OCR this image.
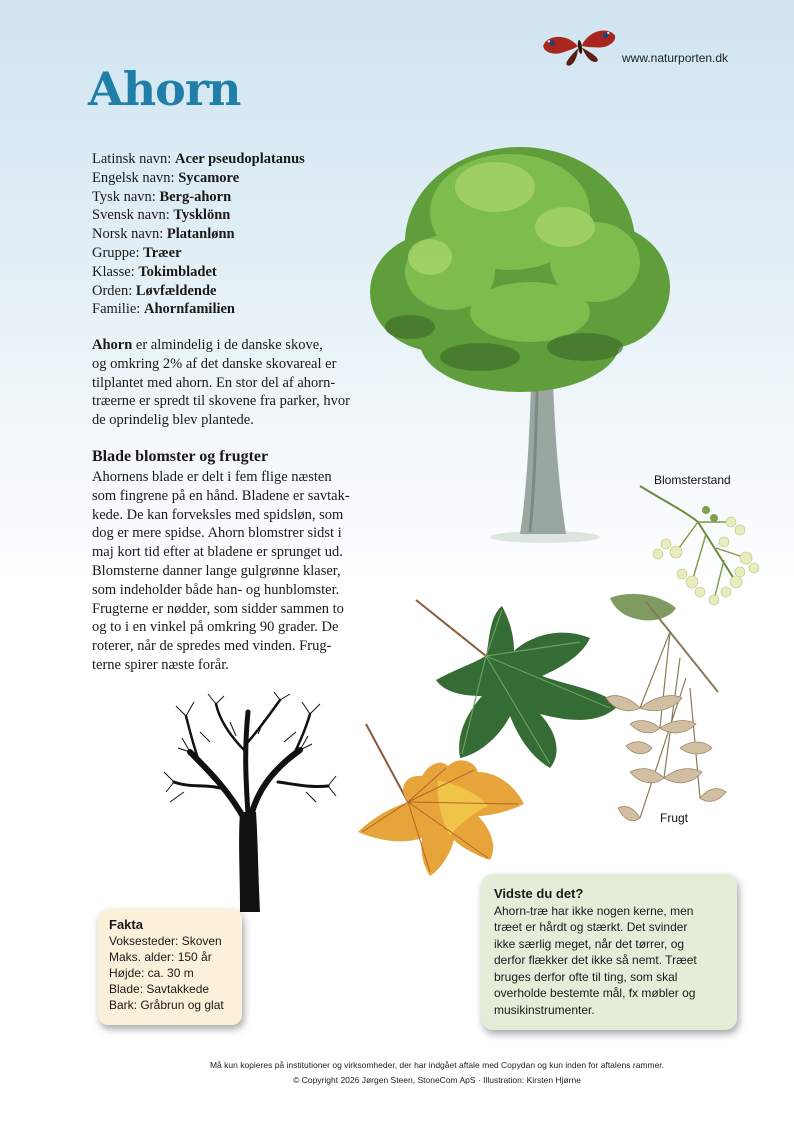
Ahorn
www.naturporten.dk
Latinsk navn: Acer pseudoplatanus
Engelsk navn: Sycamore
Tysk navn: Berg-ahorn
Svensk navn: Tysklönn
Norsk navn: Platanlønn
Gruppe: Træer
Klasse: Tokimbladet
Orden: Løvfældende
Familie: Ahornfamilien
Ahorn er almindelig i de danske skove,
og omkring 2% af det danske skovareal er
tilplantet med ahorn. En stor del af ahorn-
træerne er spredt til skovene fra parker, hvor
de oprindelig blev plantede.
Blade blomster og frugter
Ahornens blade er delt i fem flige næsten
som fingrene på en hånd. Bladene er savtak-
kede. De kan forveksles med spidsløn, som
dog er mere spidse. Ahorn blomstrer sidst i
maj kort tid efter at bladene er sprunget ud.
Blomsterne danner lange gulgrønne klaser,
som indeholder både han- og hunblomster.
Frugterne er nødder, som sidder sammen to
og to i en vinkel på omkring 90 grader. De
roterer, når de spredes med vinden. Frug-
terne spirer næste forår.
Blomsterstand
Frugt
Fakta
Voksesteder: Skoven
Maks. alder: 150 år
Højde: ca. 30 m
Blade: Savtakkede
Bark: Gråbrun og glat
Vidste du det?
Ahorn-træ har ikke nogen kerne, men
træet er hårdt og stærkt. Det svinder
ikke særlig meget, når det tørrer, og
derfor flækker det ikke så nemt. Træet
bruges derfor ofte til ting, som skal
overholde bestemte mål, fx møbler og
musikinstrumenter.
Må kun kopieres på institutioner og virksomheder, der har indgået aftale med Copydan og kun inden for aftalens rammer.
© Copyright 2026 Jørgen Steen, StoneCom ApS · Illustration: Kirsten Hjørne
